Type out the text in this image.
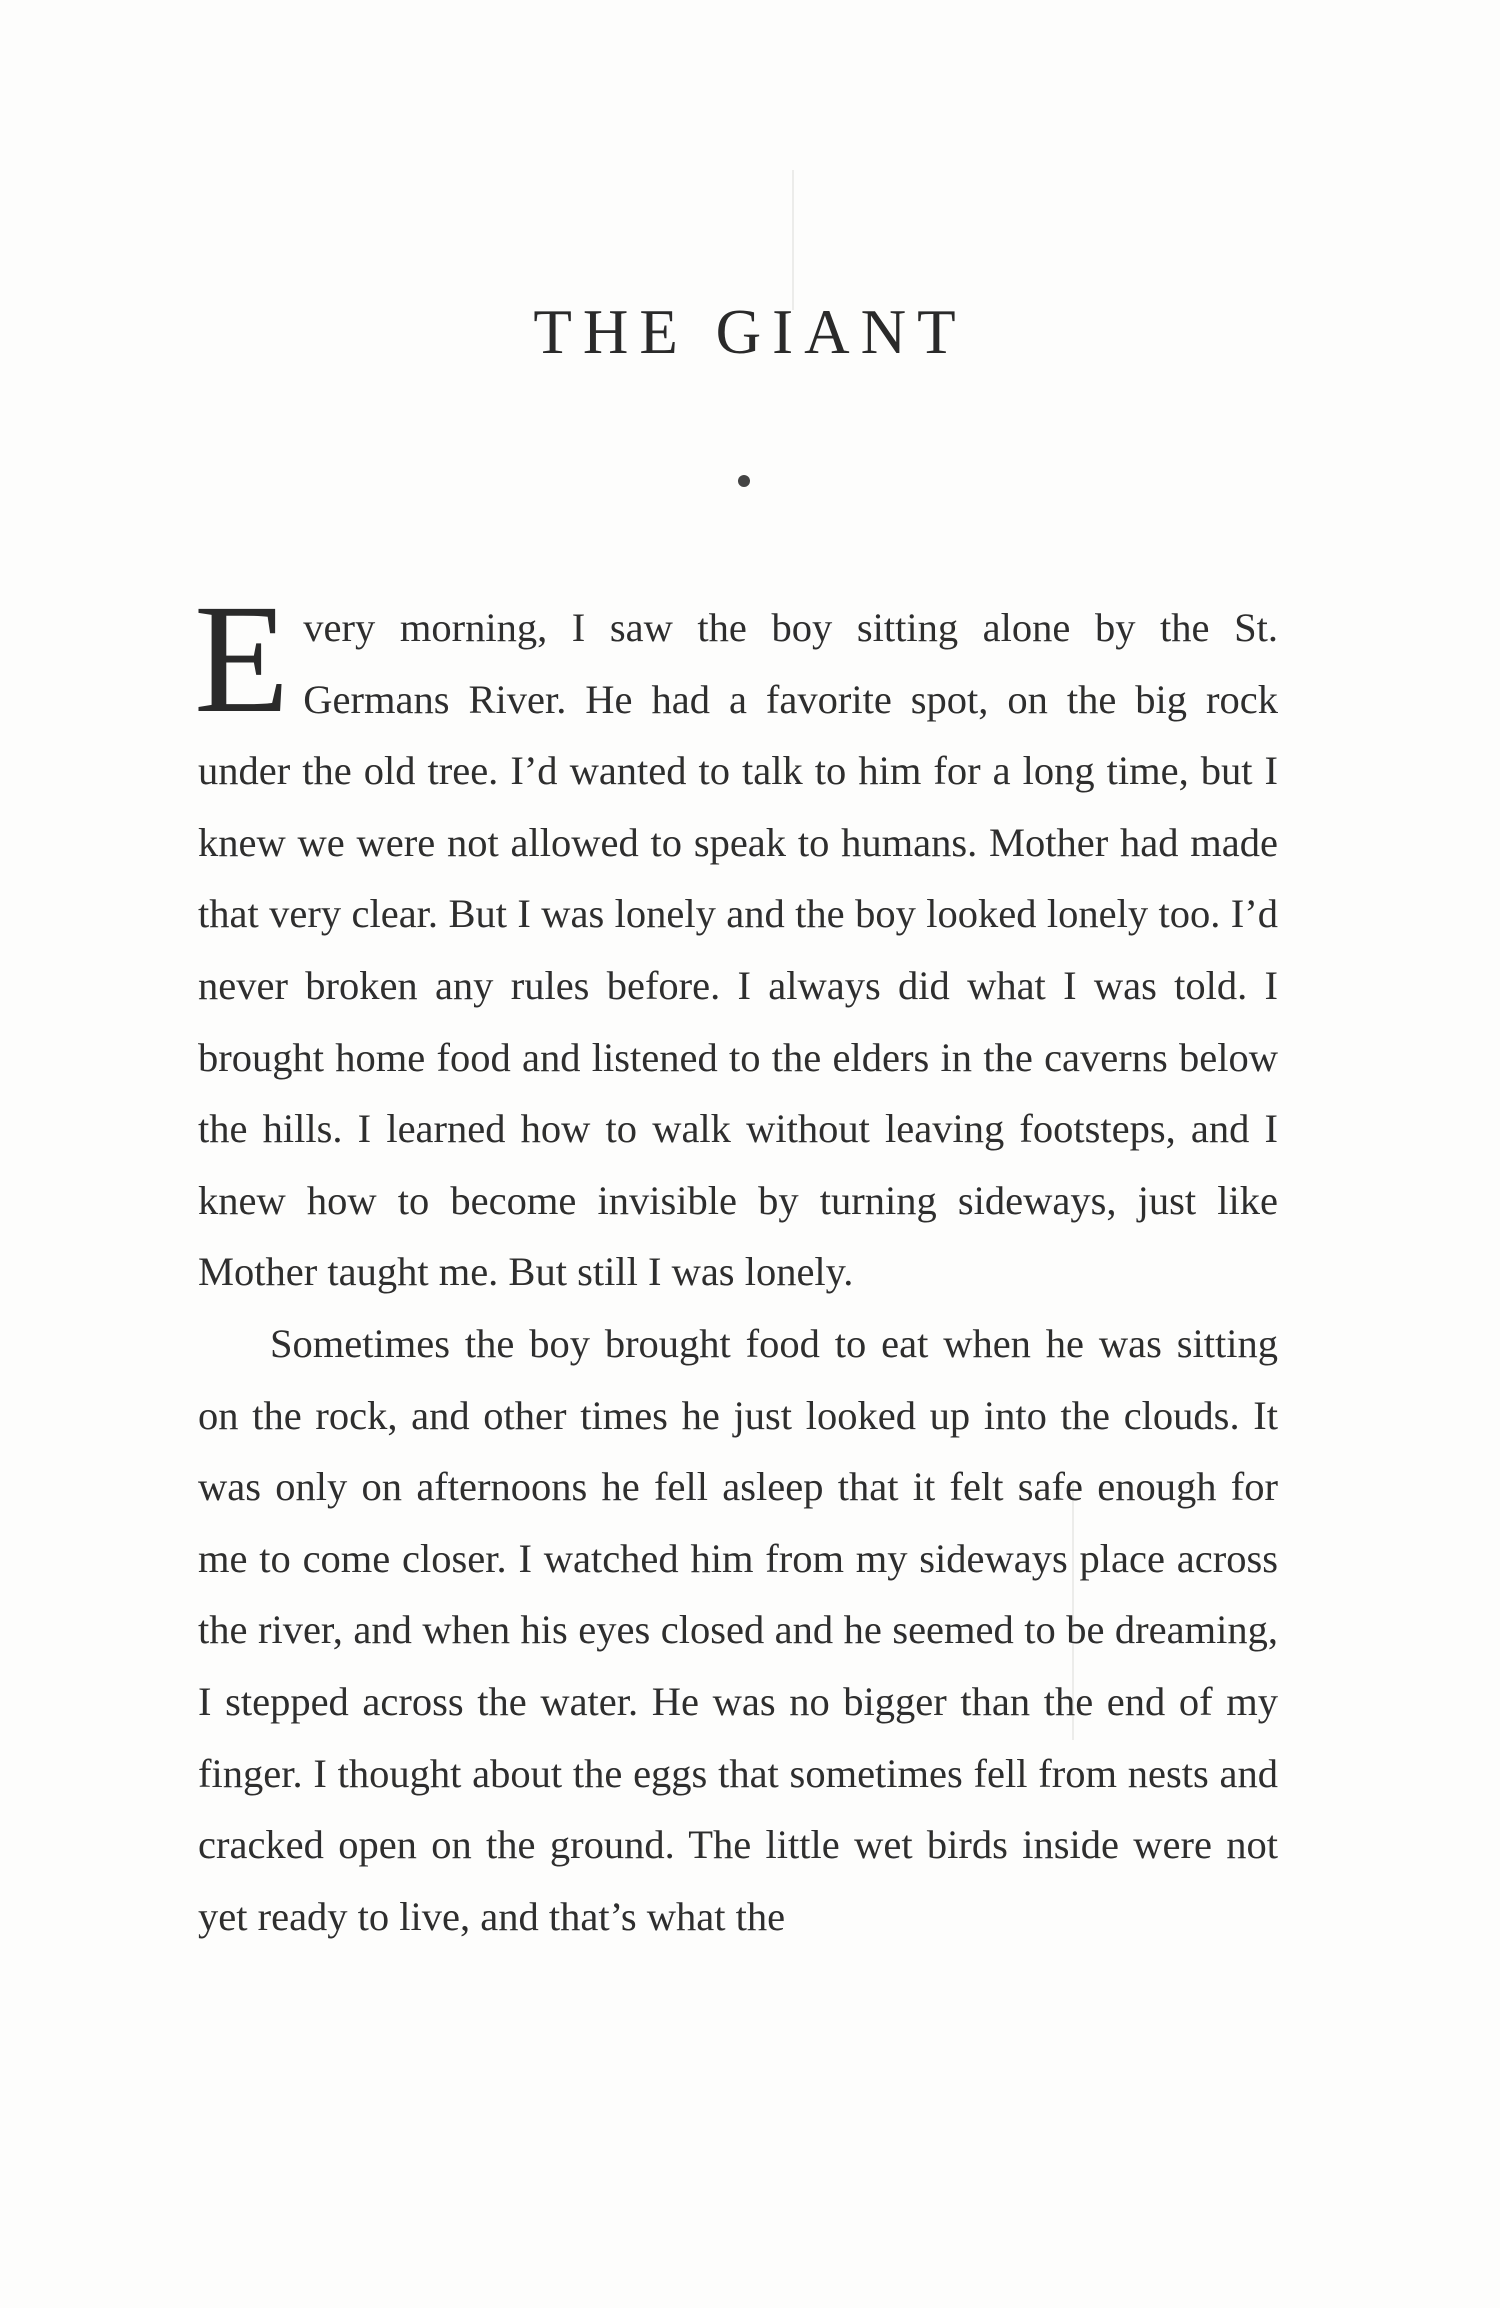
THE GIANT

Every morning, I saw the boy sitting alone by the St. Germans River. He had a favorite spot, on the big rock under the old tree. I’d wanted to talk to him for a long time, but I knew we were not allowed to speak to humans. Mother had made that very clear. But I was lonely and the boy looked lonely too. I’d never broken any rules before. I always did what I was told. I brought home food and listened to the elders in the caverns below the hills. I learned how to walk without leaving footsteps, and I knew how to become invisible by turning sideways, just like Mother taught me. But still I was lonely.

Sometimes the boy brought food to eat when he was sitting on the rock, and other times he just looked up into the clouds. It was only on afternoons he fell asleep that it felt safe enough for me to come closer. I watched him from my sideways place across the river, and when his eyes closed and he seemed to be dreaming, I stepped across the water. He was no bigger than the end of my finger. I thought about the eggs that sometimes fell from nests and cracked open on the ground. The little wet birds inside were not yet ready to live, and that’s what the
